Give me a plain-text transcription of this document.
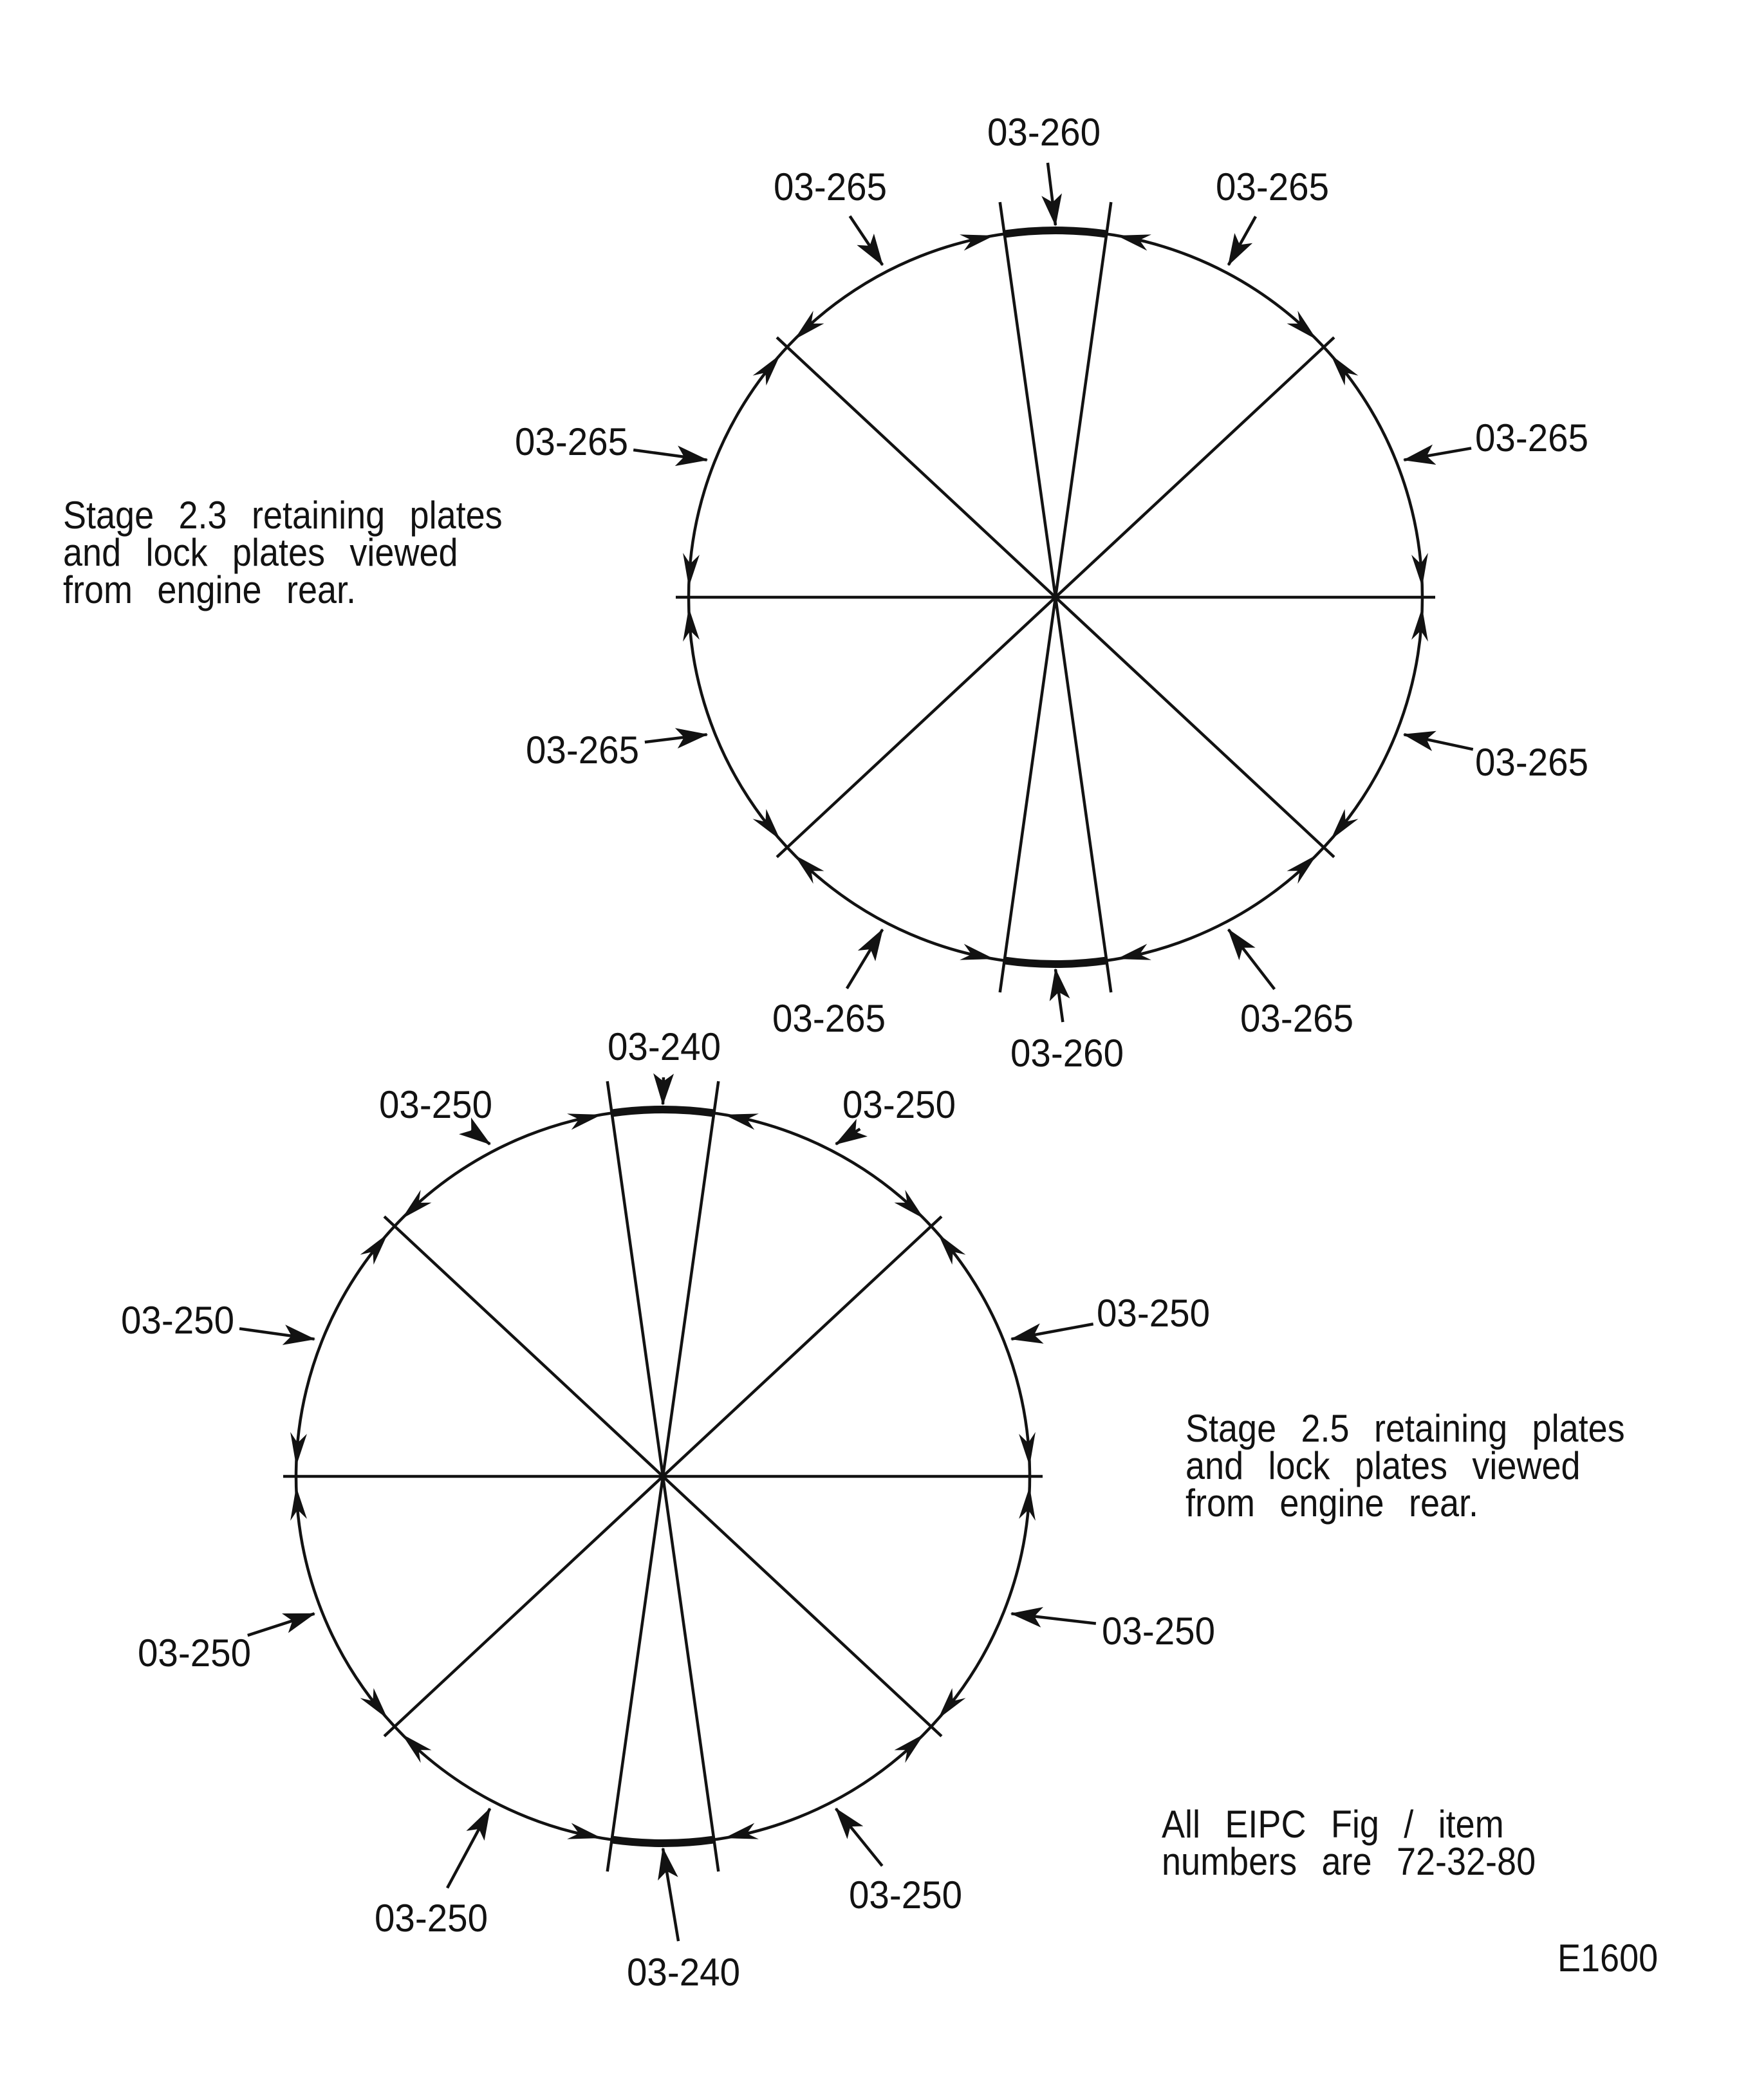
03-260
03-265
03-265
03-265
03-265
03-260
03-265
03-265
03-265
03-265
03-240
03-250
03-250
03-250
03-250
03-240
03-250
03-250
03-250
03-250
Stage 2.3 retaining plates
and lock plates viewed
from engine rear.
Stage 2.5 retaining plates
and lock plates viewed
from engine rear.
All EIPC Fig / item
numbers are 72-32-80
E1600
